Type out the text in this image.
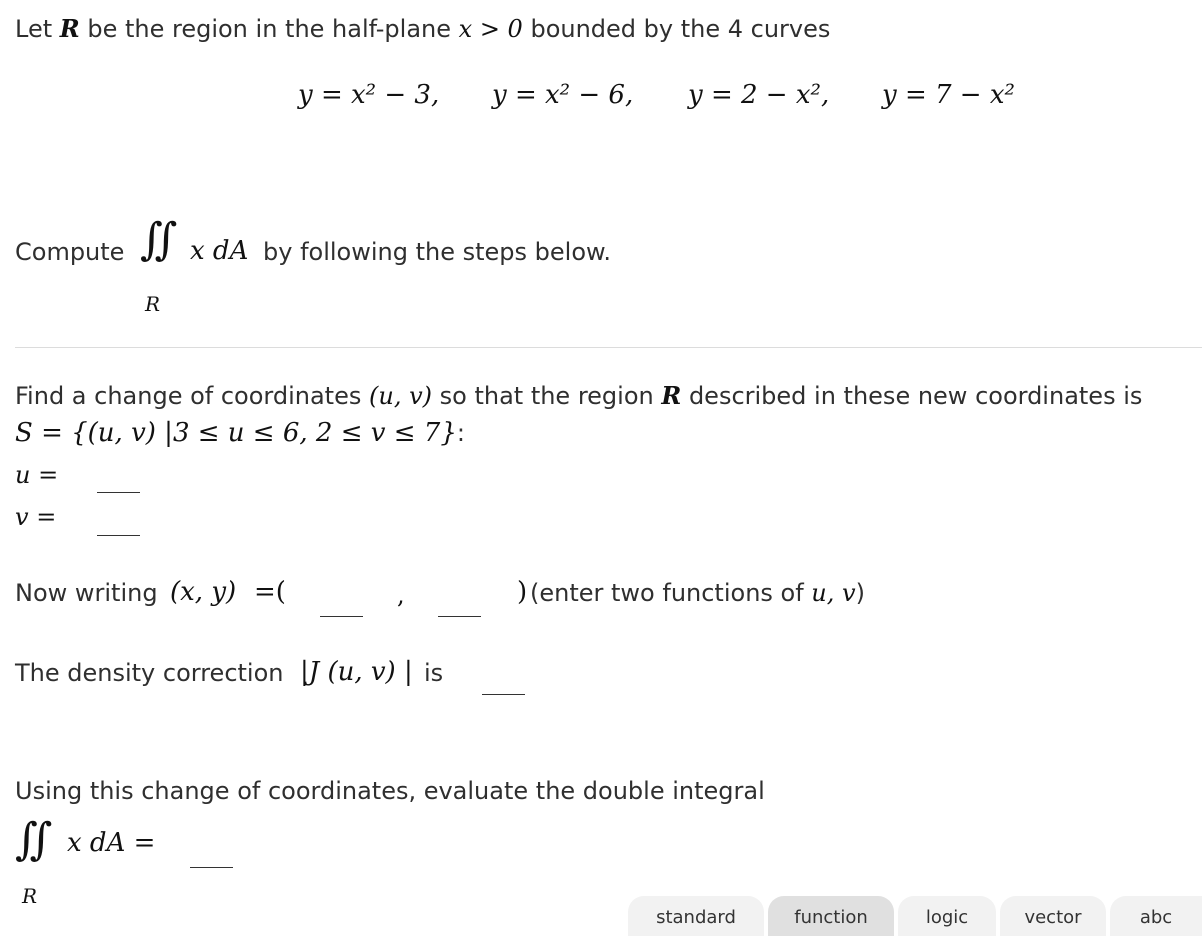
Let R be the region in the half-plane x > 0 bounded by the 4 curves
y = x² − 3, y = x² − 6, y = 2 − x², y = 7 − x²
Compute ∬
R
x dA by following the steps below.
Find a change of coordinates (u, v) so that the region R described in these new coordinates is
S = {(u, v) |3 ≤ u ≤ 6, 2 ≤ v ≤ 7}:
u =
v =
Now writing (x, y) =(	,	) (enter two functions of u, v)
The density correction |J (u, v) | is
Using this change of coordinates, evaluate the double integral
∬
R
x dA =
standard	function	logic	vector	abc
